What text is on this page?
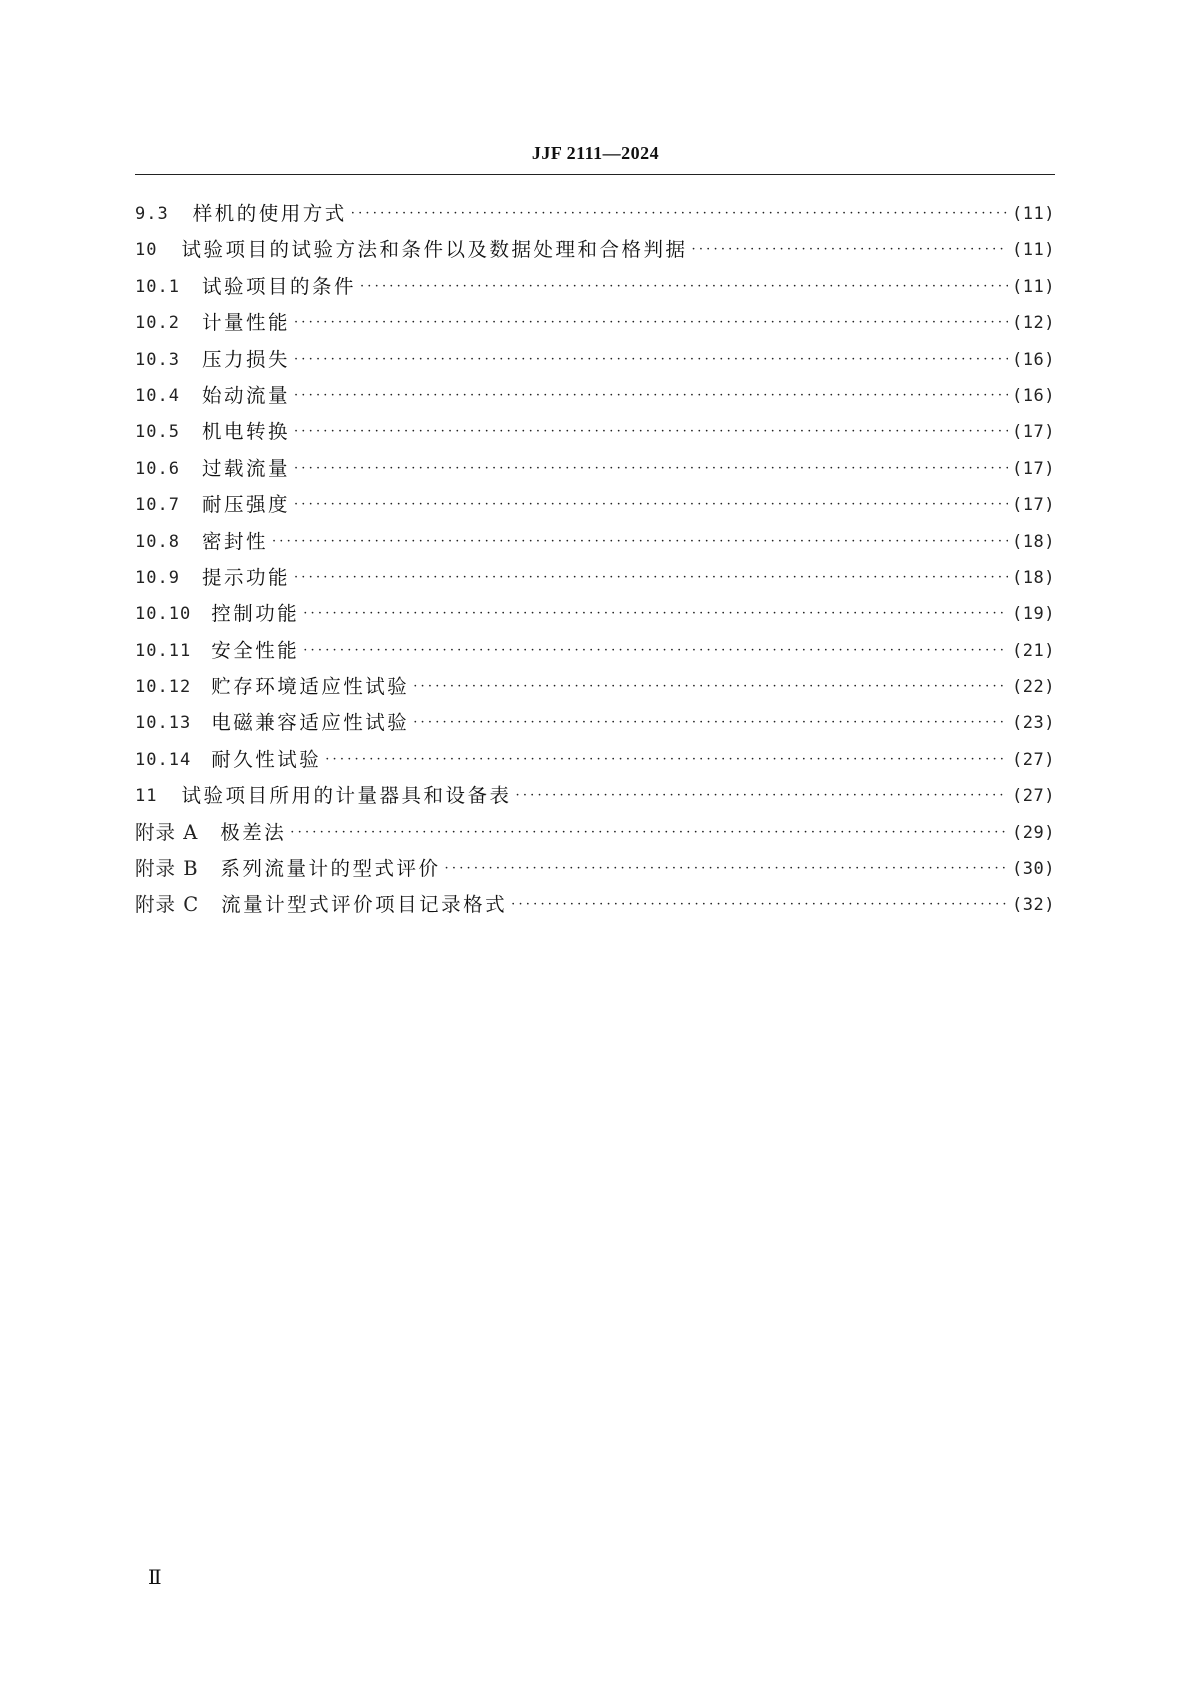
JJF 2111—2024
9.3 样机的使用方式 ·····	(11)
10 试验项目的试验方法和条件以及数据处理和合格判据 ·····	(11)
10.1 试验项目的条件 ·····	(11)
10.2 计量性能 ·····	(12)
10.3 压力损失 ·····	(16)
10.4 始动流量 ·····	(16)
10.5 机电转换 ·····	(17)
10.6 过载流量 ·····	(17)
10.7 耐压强度 ·····	(17)
10.8 密封性 ·····	(18)
10.9 提示功能 ·····	(18)
10.10 控制功能 ·····	(19)
10.11 安全性能 ·····	(21)
10.12 贮存环境适应性试验 ·····	(22)
10.13 电磁兼容适应性试验 ·····	(23)
10.14 耐久性试验 ·····	(27)
11 试验项目所用的计量器具和设备表 ·····	(27)
附录 A 极差法 ·····	(29)
附录 B 系列流量计的型式评价 ·····	(30)
附录 C 流量计型式评价项目记录格式 ·····	(32)
Ⅱ
